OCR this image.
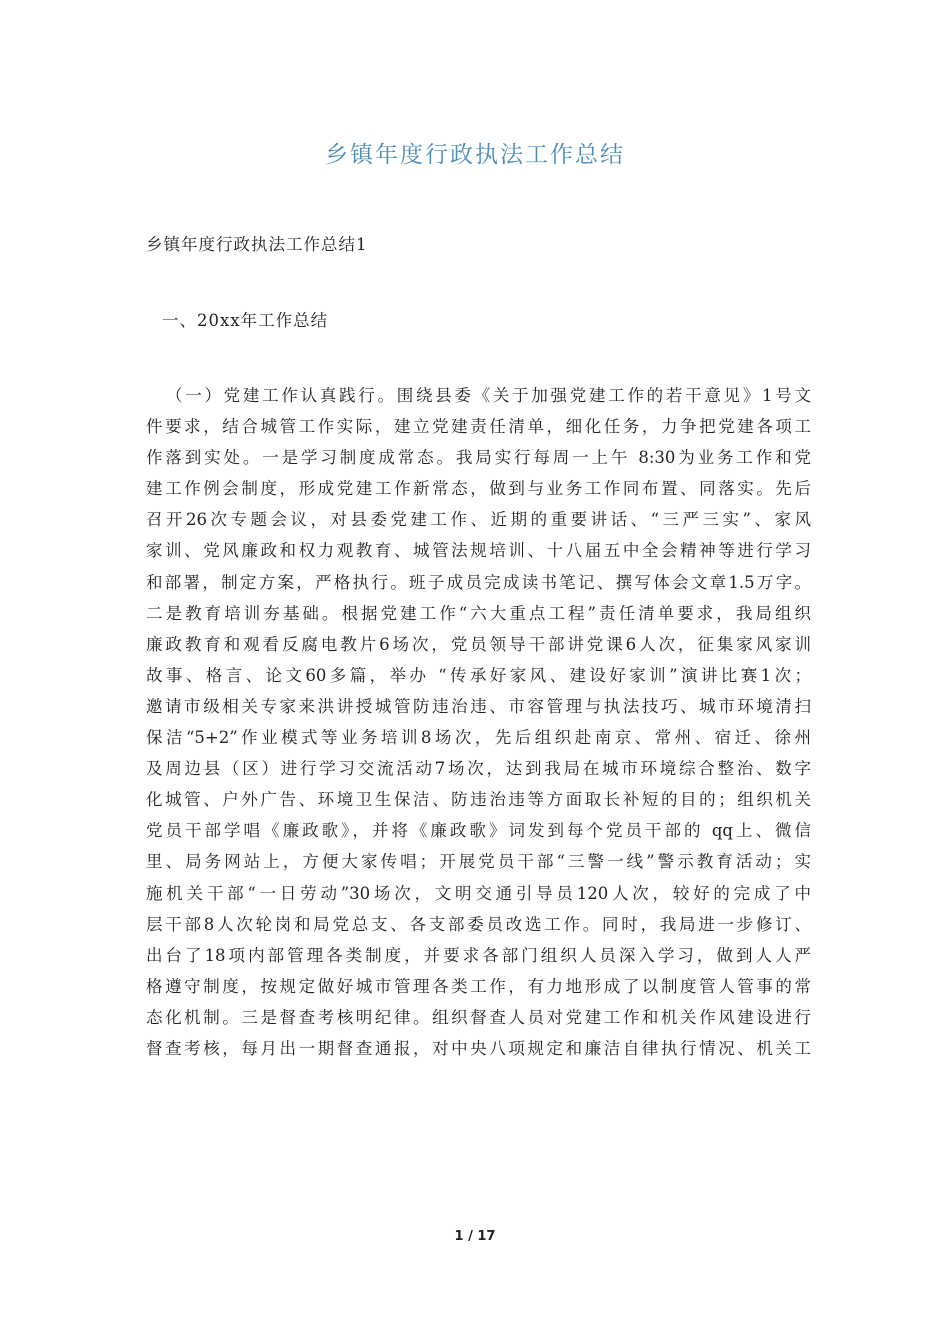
乡镇年度行政执法工作总结

乡镇年度行政执法工作总结1

一、20xx年工作总结

（一）党建工作认真践行。围绕县委《关于加强党建工作的若干意见》1号文
件要求，结合城管工作实际，建立党建责任清单，细化任务，力争把党建各项工
作落到实处。一是学习制度成常态。我局实行每周一上午 8:30为业务工作和党
建工作例会制度，形成党建工作新常态，做到与业务工作同布置、同落实。先后
召开26次专题会议，对县委党建工作、近期的重要讲话、“三严三实”、家风
家训、党风廉政和权力观教育、城管法规培训、十八届五中全会精神等进行学习
和部署，制定方案，严格执行。班子成员完成读书笔记、撰写体会文章1.5万字。
二是教育培训夯基础。根据党建工作“六大重点工程”责任清单要求，我局组织
廉政教育和观看反腐电教片6场次，党员领导干部讲党课6人次，征集家风家训
故事、格言、论文60多篇，举办 “传承好家风、建设好家训”演讲比赛1次；
邀请市级相关专家来洪讲授城管防违治违、市容管理与执法技巧、城市环境清扫
保洁“5+2”作业模式等业务培训8场次，先后组织赴南京、常州、宿迁、徐州
及周边县（区）进行学习交流活动7场次，达到我局在城市环境综合整治、数字
化城管、户外广告、环境卫生保洁、防违治违等方面取长补短的目的；组织机关
党员干部学唱《廉政歌》，并将《廉政歌》词发到每个党员干部的 qq上、微信
里、局务网站上，方便大家传唱；开展党员干部“三警一线”警示教育活动；实
施机关干部“一日劳动”30场次，文明交通引导员120人次，较好的完成了中
层干部8人次轮岗和局党总支、各支部委员改选工作。同时，我局进一步修订、
出台了18项内部管理各类制度，并要求各部门组织人员深入学习，做到人人严
格遵守制度，按规定做好城市管理各类工作，有力地形成了以制度管人管事的常
态化机制。三是督查考核明纪律。组织督查人员对党建工作和机关作风建设进行
督查考核，每月出一期督查通报，对中央八项规定和廉洁自律执行情况、机关工
1 / 17
